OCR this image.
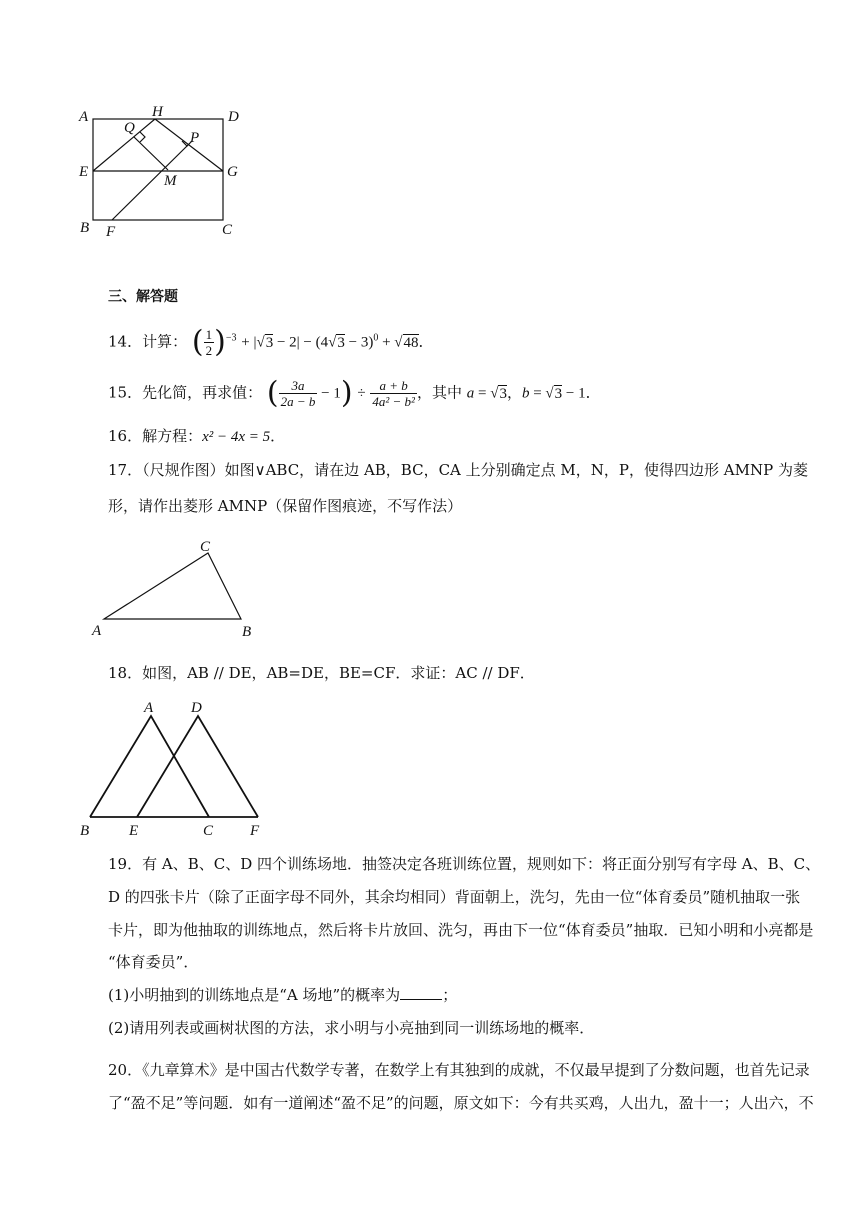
A	H	D
Q
P
E
M
G
B F	C
三、解答题
14．计算： ( $\frac{1}{2} )^{-3} + |√3 - 2| - (4√3 - 3)^0 + √48$．
15．先化简，再求值： ( $\frac{3a}{2a - b} - 1) \div \frac{a + b}{\text{4a² − b²}}$ ，其中 a = √3，b = √3 − 1．
16．解方程：x² − 4x = 5．
17．（尺规作图）如图∨ABC，请在边 AB，BC，CA 上分别确定点 M，N，P，使得四边形 AMNP 为菱
形，请作出菱形 AMNP（保留作图痕迹，不写作法）
C
A	B
18．如图，AB // DE，AB=DE，BE=CF．求证：AC // DF．
A	D
B	E	C F
19．有 A、B、C、D 四个训练场地．抽签决定各班训练位置，规则如下：将正面分别写有字母 A、B、C、
D 的四张卡片（除了正面字母不同外，其余均相同）背面朝上，洗匀，先由一位“体育委员”随机抽取一张
卡片，即为他抽取的训练地点，然后将卡片放回、洗匀，再由下一位“体育委员”抽取．已知小明和小亮都是
“体育委员”．
(1)小明抽到的训练地点是“A 场地”的概率为	；
(2)请用列表或画树状图的方法，求小明与小亮抽到同一训练场地的概率．
20．《九章算术》是中国古代数学专著，在数学上有其独到的成就，不仅最早提到了分数问题，也首先记录
了“盈不足”等问题．如有一道阐述“盈不足”的问题，原文如下：今有共买鸡，人出九，盈十一；人出六，不
